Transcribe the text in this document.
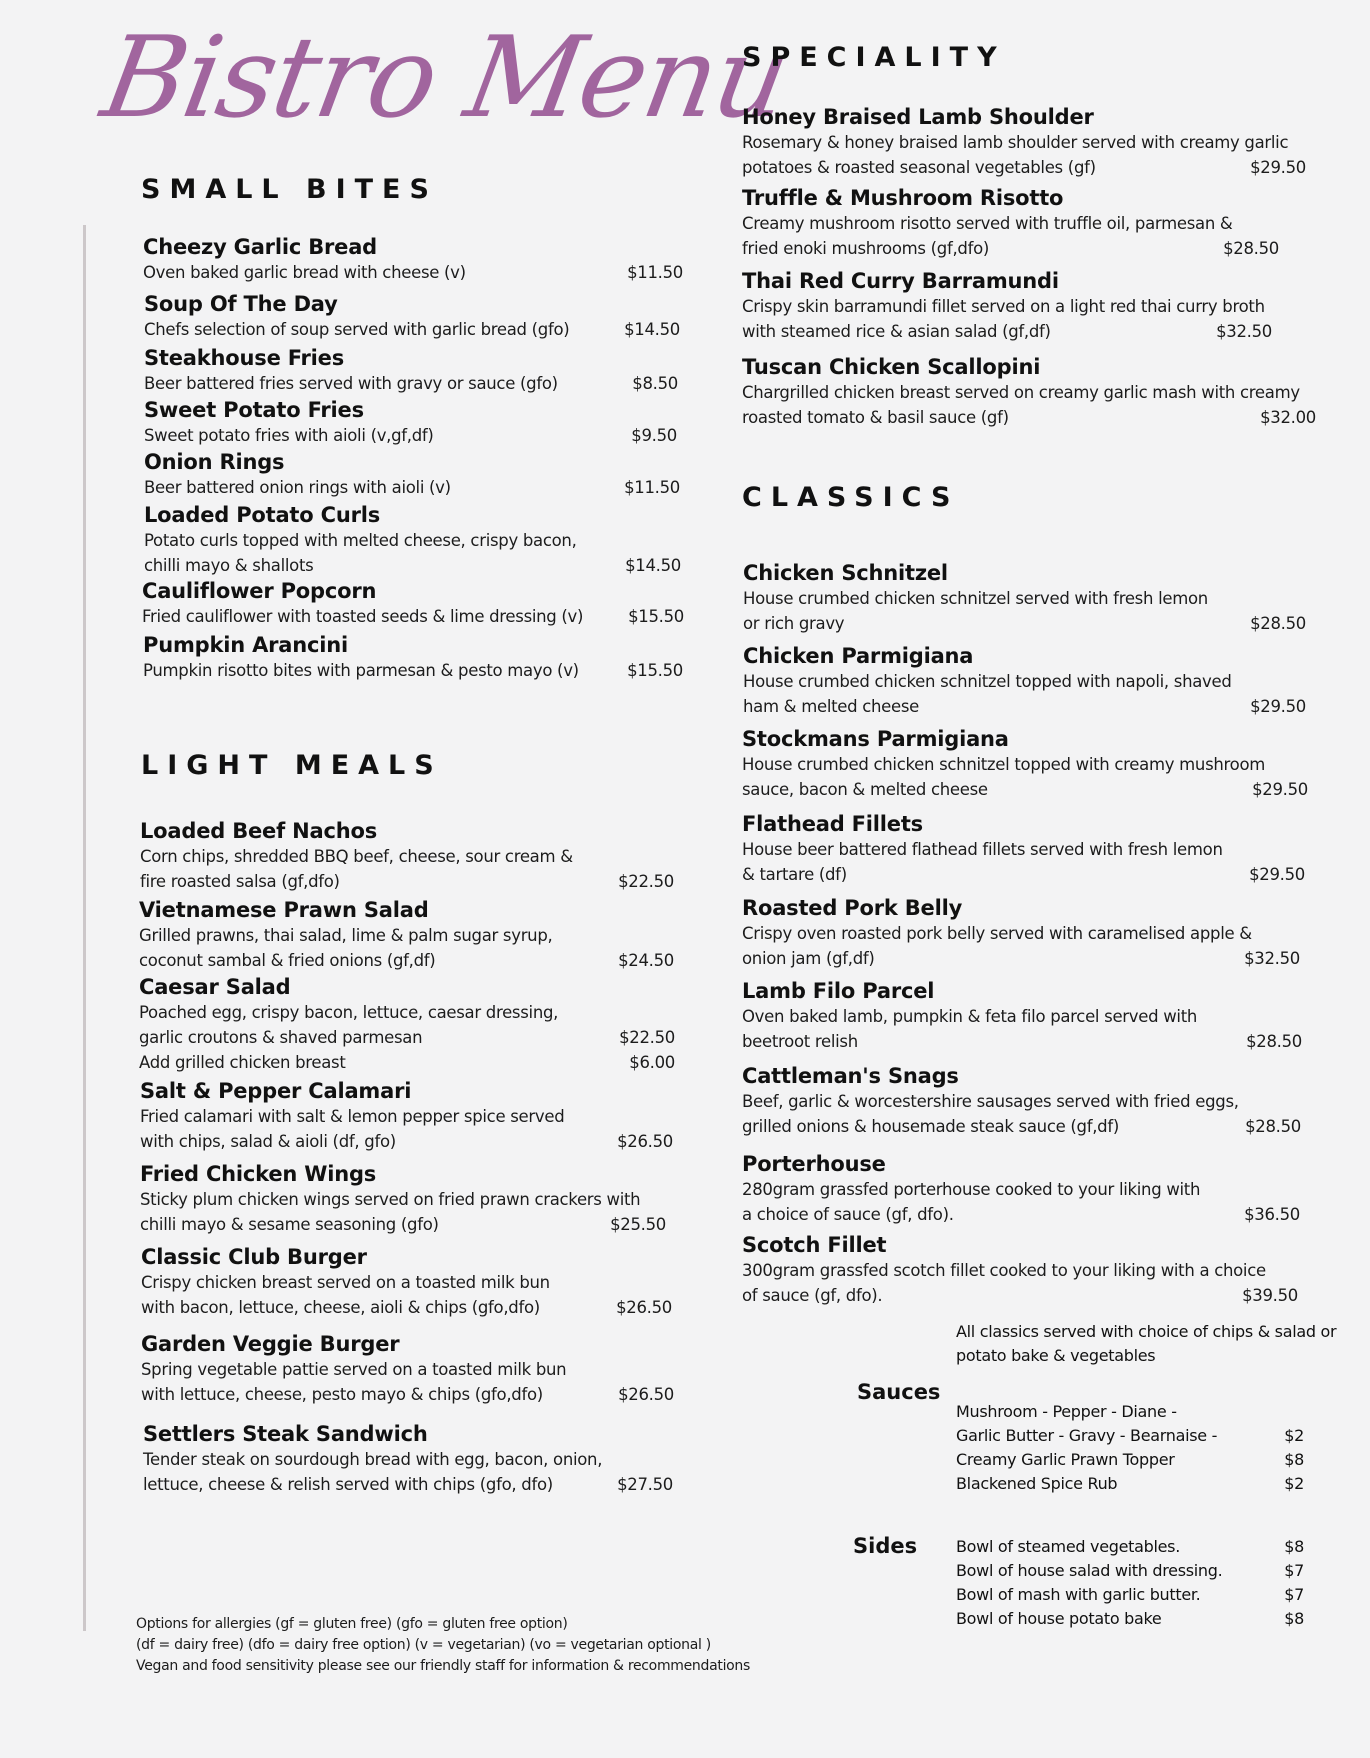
Bistro Menu
SMALL BITES
LIGHT MEALS
SPECIALITY
CLASSICS
Cheezy Garlic Bread
Oven baked garlic bread with cheese (v)	$11.50
Soup Of The Day
Chefs selection of soup served with garlic bread (gfo)	$14.50
Steakhouse Fries
Beer battered fries served with gravy or sauce (gfo)	$8.50
Sweet Potato Fries
Sweet potato fries with aioli (v,gf,df)	$9.50
Onion Rings
Beer battered onion rings with aioli (v)	$11.50
Loaded Potato Curls
Potato curls topped with melted cheese, crispy bacon,
chilli mayo & shallots	$14.50
Cauliflower Popcorn
Fried cauliflower with toasted seeds & lime dressing (v)	$15.50
Pumpkin Arancini
Pumpkin risotto bites with parmesan & pesto mayo (v)	$15.50
Loaded Beef Nachos
Corn chips, shredded BBQ beef, cheese, sour cream &
fire roasted salsa (gf,dfo)	$22.50
Vietnamese Prawn Salad
Grilled prawns, thai salad, lime & palm sugar syrup,
coconut sambal & fried onions (gf,df)	$24.50
Caesar Salad
Poached egg, crispy bacon, lettuce, caesar dressing,
garlic croutons & shaved parmesan	$22.50
Add grilled chicken breast	$6.00
Salt & Pepper Calamari
Fried calamari with salt & lemon pepper spice served
with chips, salad & aioli (df, gfo)	$26.50
Fried Chicken Wings
Sticky plum chicken wings served on fried prawn crackers with
chilli mayo & sesame seasoning (gfo)	$25.50
Classic Club Burger
Crispy chicken breast served on a toasted milk bun
with bacon, lettuce, cheese, aioli & chips (gfo,dfo)	$26.50
Garden Veggie Burger
Spring vegetable pattie served on a toasted milk bun
with lettuce, cheese, pesto mayo & chips (gfo,dfo)	$26.50
Settlers Steak Sandwich
Tender steak on sourdough bread with egg, bacon, onion,
lettuce, cheese & relish served with chips (gfo, dfo)	$27.50
Honey Braised Lamb Shoulder
Rosemary & honey braised lamb shoulder served with creamy garlic
potatoes & roasted seasonal vegetables (gf)	$29.50
Truffle & Mushroom Risotto
Creamy mushroom risotto served with truffle oil, parmesan &
fried enoki mushrooms (gf,dfo)	$28.50
Thai Red Curry Barramundi
Crispy skin barramundi fillet served on a light red thai curry broth
with steamed rice & asian salad (gf,df)	$32.50
Tuscan Chicken Scallopini
Chargrilled chicken breast served on creamy garlic mash with creamy
roasted tomato & basil sauce (gf)	$32.00
Chicken Schnitzel
House crumbed chicken schnitzel served with fresh lemon
or rich gravy	$28.50
Chicken Parmigiana
House crumbed chicken schnitzel topped with napoli, shaved
ham & melted cheese	$29.50
Stockmans Parmigiana
House crumbed chicken schnitzel topped with creamy mushroom
sauce, bacon & melted cheese	$29.50
Flathead Fillets
House beer battered flathead fillets served with fresh lemon
& tartare (df)	$29.50
Roasted Pork Belly
Crispy oven roasted pork belly served with caramelised apple &
onion jam (gf,df)	$32.50
Lamb Filo Parcel
Oven baked lamb, pumpkin & feta filo parcel served with
beetroot relish	$28.50
Cattleman's Snags
Beef, garlic & worcestershire sausages served with fried eggs,
grilled onions & housemade steak sauce (gf,df)	$28.50
Porterhouse
280gram grassfed porterhouse cooked to your liking with
a choice of sauce (gf, dfo).	$36.50
Scotch Fillet
300gram grassfed scotch fillet cooked to your liking with a choice
of sauce (gf, dfo).	$39.50
All classics served with choice of chips & salad or
potato bake & vegetables
Sauces
Mushroom - Pepper - Diane -
Garlic Butter - Gravy - Bearnaise -	$2
Creamy Garlic Prawn Topper	$8
Blackened Spice Rub	$2
Sides Bowl of steamed vegetables.	$8
Bowl of house salad with dressing.	$7
Bowl of mash with garlic butter.	$7
Bowl of house potato bake	$8
Options for allergies (gf = gluten free) (gfo = gluten free option)
(df = dairy free) (dfo = dairy free option) (v = vegetarian) (vo = vegetarian optional )
Vegan and food sensitivity please see our friendly staff for information & recommendations
